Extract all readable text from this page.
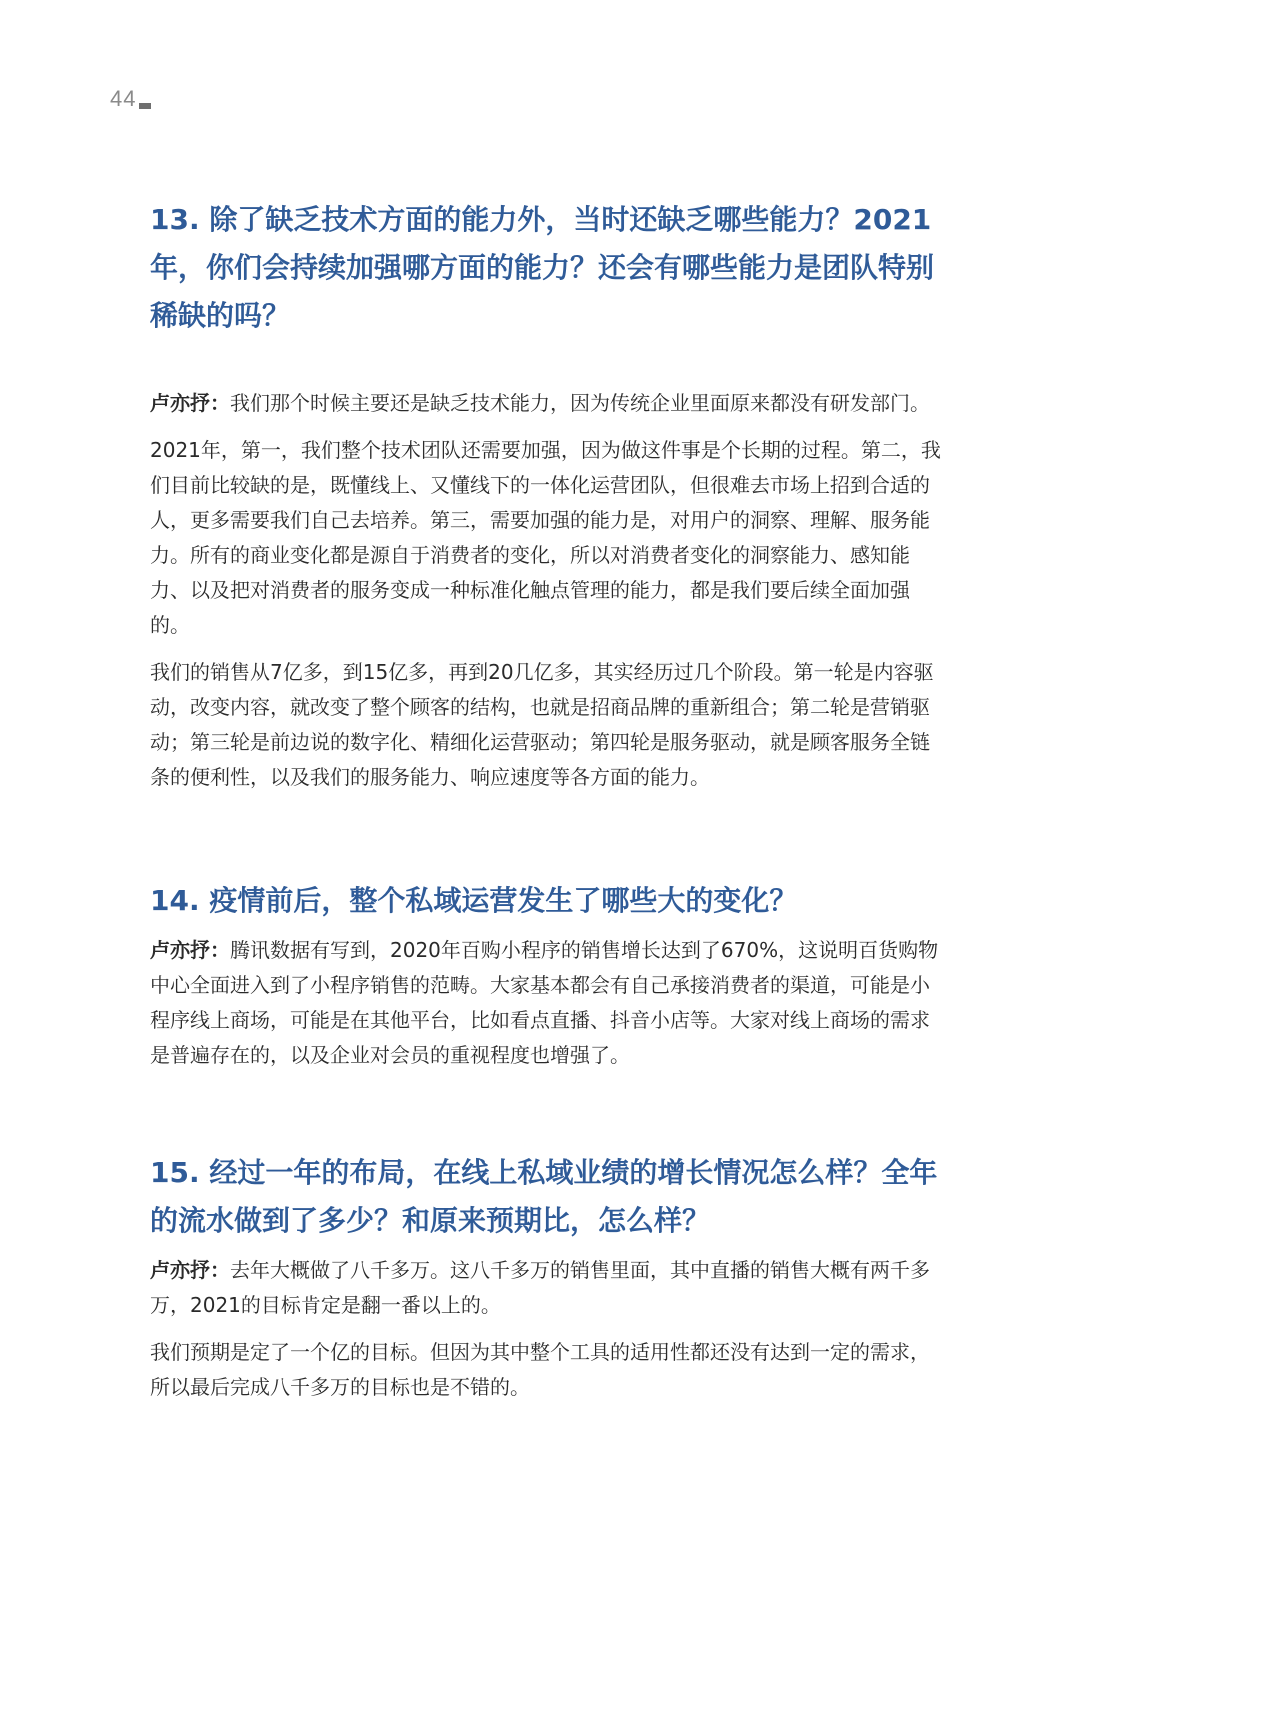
44
13. 除了缺乏技术方面的能力外，当时还缺乏哪些能力？2021年，你们会持续加强哪方面的能力？还会有哪些能力是团队特别稀缺的吗？

卢亦抒：我们那个时候主要还是缺乏技术能力，因为传统企业里面原来都没有研发部门。

2021年，第一，我们整个技术团队还需要加强，因为做这件事是个长期的过程。第二，我们目前比较缺的是，既懂线上、又懂线下的一体化运营团队，但很难去市场上招到合适的人，更多需要我们自己去培养。第三，需要加强的能力是，对用户的洞察、理解、服务能力。所有的商业变化都是源自于消费者的变化，所以对消费者变化的洞察能力、感知能力、以及把对消费者的服务变成一种标准化触点管理的能力，都是我们要后续全面加强的。

我们的销售从7亿多，到15亿多，再到20几亿多，其实经历过几个阶段。第一轮是内容驱动，改变内容，就改变了整个顾客的结构，也就是招商品牌的重新组合；第二轮是营销驱动；第三轮是前边说的数字化、精细化运营驱动；第四轮是服务驱动，就是顾客服务全链条的便利性，以及我们的服务能力、响应速度等各方面的能力。

14. 疫情前后，整个私域运营发生了哪些大的变化？

卢亦抒：腾讯数据有写到，2020年百购小程序的销售增长达到了670%，这说明百货购物中心全面进入到了小程序销售的范畴。大家基本都会有自己承接消费者的渠道，可能是小程序线上商场，可能是在其他平台，比如看点直播、抖音小店等。大家对线上商场的需求是普遍存在的，以及企业对会员的重视程度也增强了。

15. 经过一年的布局，在线上私域业绩的增长情况怎么样？全年的流水做到了多少？和原来预期比，怎么样？

卢亦抒：去年大概做了八千多万。这八千多万的销售里面，其中直播的销售大概有两千多万，2021的目标肯定是翻一番以上的。

我们预期是定了一个亿的目标。但因为其中整个工具的适用性都还没有达到一定的需求，所以最后完成八千多万的目标也是不错的。
